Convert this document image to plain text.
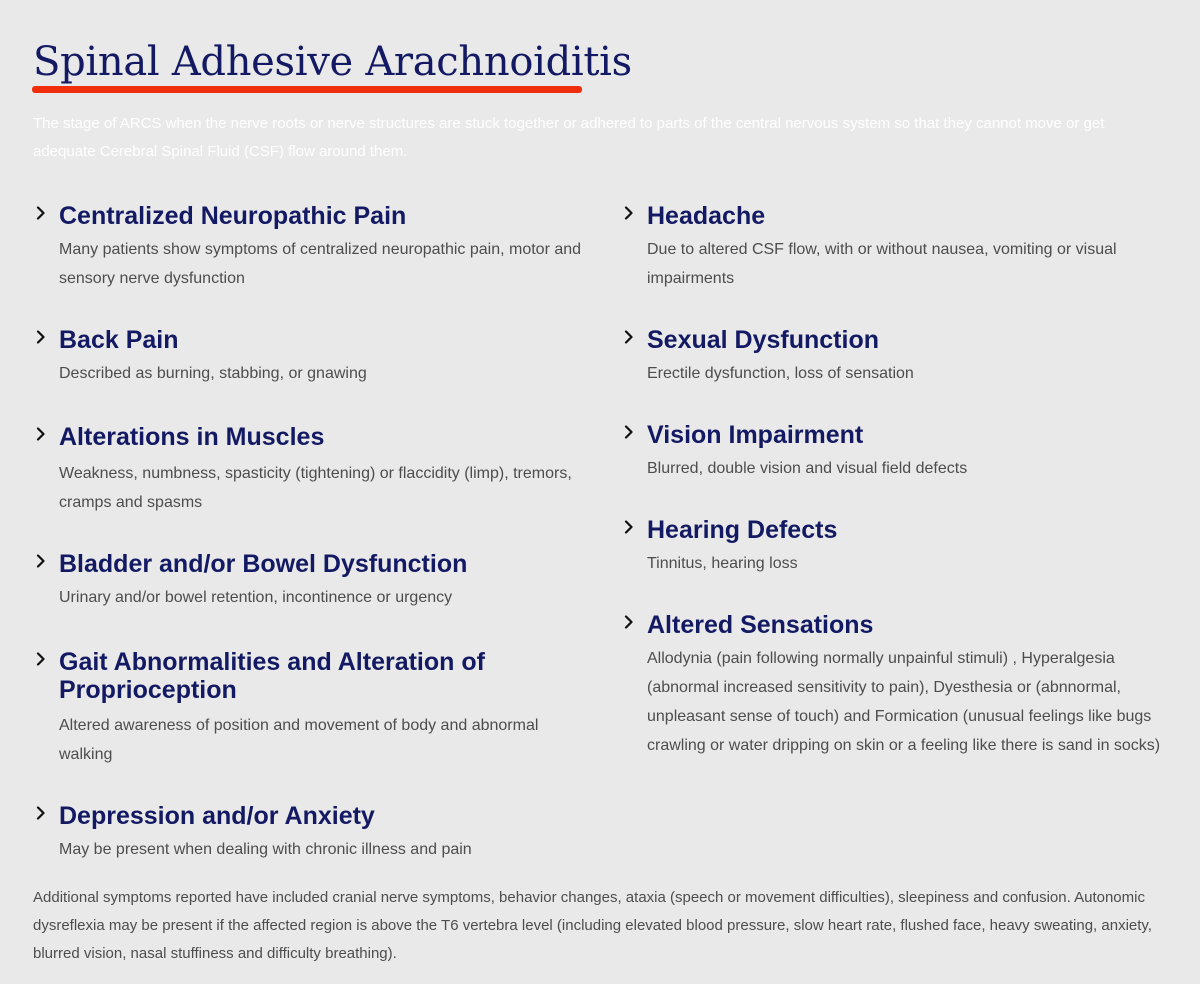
Spinal Adhesive Arachnoiditis

The stage of ARCS when the nerve roots or nerve structures are stuck together or adhered to parts of the central nervous system so that they cannot move or get adequate Cerebral Spinal Fluid (CSF) flow around them.

Centralized Neuropathic Pain

Many patients show symptoms of centralized neuropathic pain, motor and sensory nerve dysfunction

Back Pain

Described as burning, stabbing, or gnawing

Alterations in Muscles

Weakness, numbness, spasticity (tightening) or flaccidity (limp), tremors, cramps and spasms

Bladder and/or Bowel Dysfunction

Urinary and/or bowel retention, incontinence or urgency

Gait Abnormalities and Alteration of Proprioception

Altered awareness of position and movement of body and abnormal walking

Depression and/or Anxiety

May be present when dealing with chronic illness and pain

Headache

Due to altered CSF flow, with or without nausea, vomiting or visual impairments

Sexual Dysfunction

Erectile dysfunction, loss of sensation

Vision Impairment

Blurred, double vision and visual field defects

Hearing Defects

Tinnitus, hearing loss

Altered Sensations

Allodynia (pain following normally unpainful stimuli) , Hyperalgesia (abnormal increased sensitivity to pain), Dyesthesia or (abnnormal, unpleasant sense of touch) and Formication (unusual feelings like bugs crawling or water dripping on skin or a feeling like there is sand in socks)

Additional symptoms reported have included cranial nerve symptoms, behavior changes, ataxia (speech or movement difficulties), sleepiness and confusion. Autonomic dysreflexia may be present if the affected region is above the T6 vertebra level (including elevated blood pressure, slow heart rate, flushed face, heavy sweating, anxiety, blurred vision, nasal stuffiness and difficulty breathing).
